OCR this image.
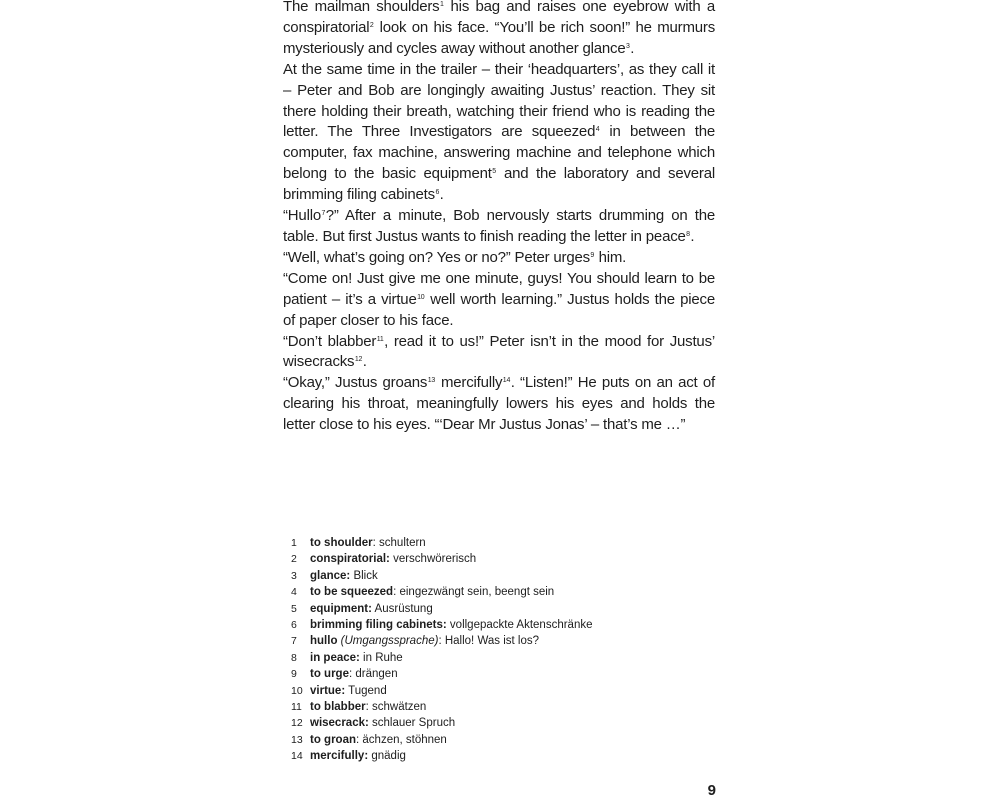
The mailman shoulders$^1$ his bag and raises one eyebrow with a conspiratorial$^2$ look on his face. “You’ll be rich soon!” he murmurs mysteriously and cycles away without another glance$^3$.

At the same time in the trailer – their ‘headquarters’, as they call it – Peter and Bob are longingly awaiting Justus’ reaction. They sit there holding their breath, watching their friend who is reading the letter. The Three Investigators are squeezed$^4$ in between the computer, fax machine, answering machine and telephone which belong to the basic equipment$^5$ and the laboratory and several brimming filing cabinets$^6$.

“Hullo$^7$?” After a minute, Bob nervously starts drumming on the table. But first Justus wants to finish reading the letter in peace$^8$.

“Well, what’s going on? Yes or no?” Peter urges$^9$ him.

“Come on! Just give me one minute, guys! You should learn to be patient – it’s a virtue$^{10}$ well worth learning.” Justus holds the piece of paper closer to his face.

“Don’t blabber$^{11}$, read it to us!” Peter isn’t in the mood for Justus’ wisecracks$^{12}$.

“Okay,” Justus groans$^{13}$ mercifully$^{14}$. “Listen!” He puts on an act of clearing his throat, meaningfully lowers his eyes and holds the letter close to his eyes. “‘Dear Mr Justus Jonas’ – that’s me …”

1	to shoulder: schultern
2	conspiratorial: verschwörerisch
3	glance: Blick
4	to be squeezed: eingezwängt sein, beengt sein
5	equipment: Ausrüstung
6	brimming filing cabinets: vollgepackte Aktenschränke
7	hullo (Umgangssprache): Hallo! Was ist los?
8	in peace: in Ruhe
9	to urge: drängen
10 virtue: Tugend
11 to blabber: schwätzen
12 wisecrack: schlauer Spruch
13 to groan: ächzen, stöhnen
14 mercifully: gnädig
9
